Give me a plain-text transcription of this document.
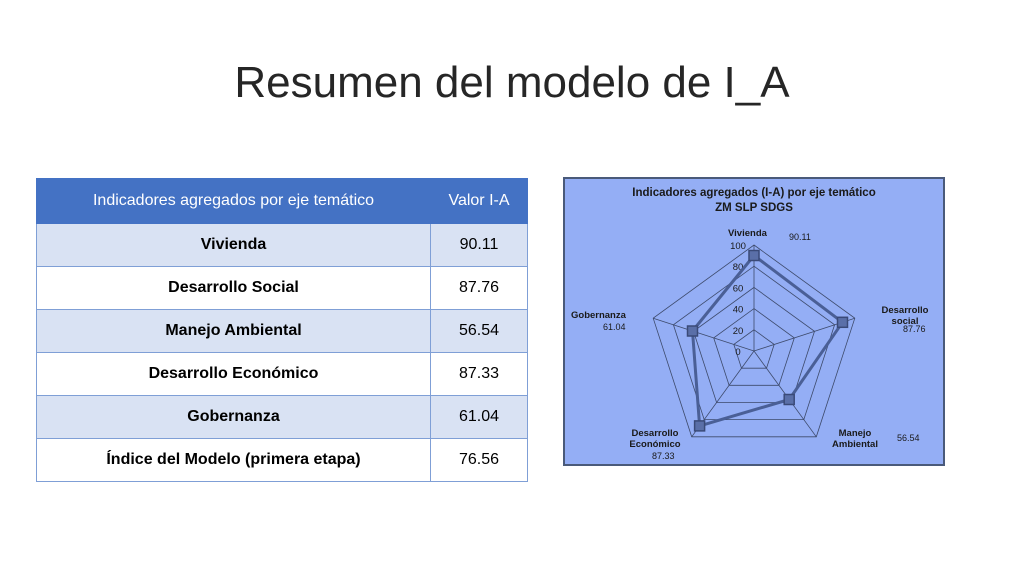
Resumen del modelo de I_A
Indicadores agregados por eje temático	Valor I-A
Vivienda	90.11
Desarrollo Social	87.76
Manejo Ambiental	56.54
Desarrollo Económico	87.33
Gobernanza	61.04
Índice del Modelo (primera etapa)	76.56
Indicadores agregados (I-A) por eje temático
ZM SLP SDGS
0
20
40
60
80
100
Vivienda 90.11
Desarrollo social
87.76
Manejo Ambiental
56.54
Desarrollo Económico
87.33
Gobernanza
61.04
